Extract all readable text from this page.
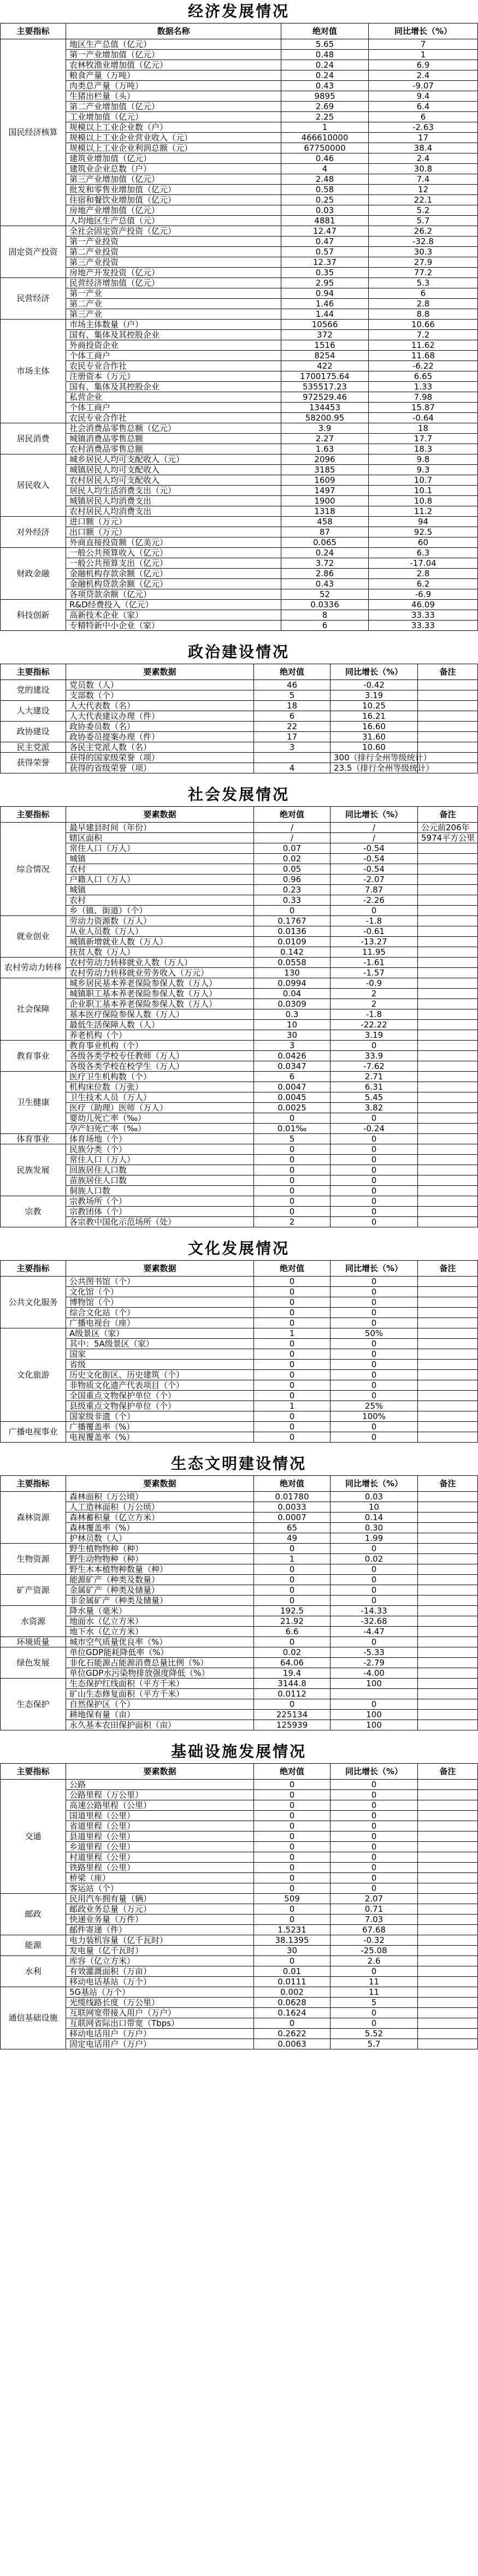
经济发展情况
主要指标	数据名称	绝对值	同比增长（%）
国民经济核算	地区生产总值（亿元）	5.65	7
	第一产业增加值（亿元）	0.48	1
	农林牧渔业增加值（亿元）	0.24	6.9
	粮食产量（万吨）	0.24	2.4
	肉类总产量（万吨）	0.43	-9.07
	生猪出栏量（头）	9895	9.4
	第二产业增加值（亿元）	2.69	6.4
	工业增加值（亿元）	2.25	6
	规模以上工业企业数（户）	1	-2.63
	规模以上工业企业营业收入（元）	466610000	17
	规模以上工业企业利润总额（元）	67750000	38.4
	建筑业增加值（亿元）	0.46	2.4
	建筑业企业总数（户）	4	30.8
	第三产业增加值（亿元）	2.48	7.4
	批发和零售业增加值（亿元）	0.58	12
	住宿和餐饮业增加值（亿元）	0.25	22.1
	房地产业增加值（亿元）	0.03	5.2
	人均地区生产总值（元）	4881	5.7
固定资产投资	全社会固定资产投资（亿元）	12.47	26.2
	第一产业投资	0.47	-32.8
	第二产业投资	0.57	30.3
	第三产业投资	12.37	27.9
	房地产开发投资（亿元）	0.35	77.2
民营经济	民营经济增加值（亿元）	2.95	5.3
	第一产业	0.94	6
	第二产业	1.46	2.8
	第三产业	1.44	8.8
市场主体	市场主体数量（户）	10566	10.66
	国有、集体及其控股企业	372	7.2
	外商投资企业	1516	11.62
	个体工商户	8254	11.68
	农民专业合作社	422	-6.22
	注册资本（万元）	1700175.64	6.65
	国有、集体及其控股企业	535517.23	1.33
	私营企业	972529.46	7.98
	个体工商户	134453	15.87
	农民专业合作社	58200.95	-0.64
居民消费	社会消费品零售总额（亿元）	3.9	18
	城镇消费品零售总额	2.27	17.7
	农村消费品零售总额	1.63	18.3
居民收入	城乡居民人均可支配收入（元）	2096	9.8
	城镇居民人均可支配收入	3185	9.3
	农村居民人均可支配收入	1609	10.7
	居民人均生活消费支出（元）	1497	10.1
	城镇居民人均消费支出	1900	10.8
	农村居民人均消费支出	1318	11.2
对外经济	进口额（万元）	458	94
	出口额（万元）	87	92.5
	外商直接投资额（亿美元）	0.065	60
财政金融	一般公共预算收入（亿元）	0.24	6.3
	一般公共预算支出（亿元）	3.72	-17.04
	金融机构存款余额（亿元）	2.86	2.8
	金融机构贷款余额（亿元）	0.43	6.2
	各项贷款余额（亿元）	52	-6.9
科技创新	R&D经费投入（亿元）	0.0336	46.09
	高新技术企业（家）	8	33.33
	专精特新中小企业（家）	6	33.33
政治建设情况
主要指标	要素数据	绝对值	同比增长（%）	备注
党的建设	党员数（人）	46	-0.42	
	支部数（个）	5	3.19	
人大建设	人大代表数（名）	18	10.25	
	人大代表建议办理（件）	6	16.21	
政协建设	政协委员数（名）	22	16.60	
	政协委员提案办理（件）	17	31.60	
民主党派	各民主党派人数（名）	3	10.60	
获得荣誉	获得的国家级荣誉（项）		300（排行全州等级统计）	
	获得的省级荣誉（项）	4	23.5（排行全州等级统计）	
社会发展情况
主要指标	要素数据	绝对值	同比增长（%）	备注
综合情况	最早建县时间（年份）	/	/	公元前206年
	辖区面积	/	/	5974平方公里
	常住人口（万人）	0.07	-0.54	
	城镇	0.02	-0.54	
	农村	0.05	-0.54	
	户籍人口（万人）	0.96	-2.07	
	城镇	0.23	7.87	
	农村	0.33	-2.26	
	乡（镇、街道）（个）	0	0	
就业创业	劳动力资源数（万人）	0.1767	-1.8	
	从业人员数（万人）	0.0136	-0.61	
	城镇新增就业人数（万人）	0.0109	-13.27	
	扶贫人数（万人）	0.142	11.95	
农村劳动力转移	农村劳动力转移就业人数（万人）	0.0558	-1.61	
	农村劳动力转移就业劳务收入（万元）	130	-1.57	
社会保障	城乡居民基本养老保险参保人数（万人）	0.0994	-0.9	
	城镇职工基本养老保险参保人数（万人）	0.04	2	
	企业职工基本养老保险参保人数（万人）	0.0309	2	
	基本医疗保险参保人数（万人）	0.3	-1.8	
	最低生活保障人数（人）	10	-22.22	
	养老机构（个）	30	3.19	
教育事业	教育事业机构（个）	3	0	
	各级各类学校专任教师（万人）	0.0426	33.9	
	各级各类学校在校学生（万人）	0.0347	-7.62	
卫生健康	医疗卫生机构数（个）	6	2.71	
	机构床位数（万张）	0.0047	6.31	
	卫生技术人员（万人）	0.0045	5.45	
	医疗（助理）医师（万人）	0.0025	3.82	
	婴幼儿死亡率（‰）	0	0	
	孕产妇死亡率（‰）	0.01‰	-0.24	
体育事业	体育场地（个）	5	0	
民族发展	民族分类（个）	0	0	
	常住人口（万人）	0	0	
	回族居住人口数	0	0	
	苗族居住人口数	0	0	
	侗族人口数	0	0	
宗教	宗教场所（个）	0	0	
	宗教团体（个）	0	0	
	各宗教中国化示范场所（处）	2	0	
文化发展情况
主要指标	要素数据	绝对值	同比增长（%）	备注
公共文化服务	公共图书馆（个）	0	0	
	文化馆（个）	0	0	
	博物馆（个）	0	0	
	综合文化站（个）	0	0	
	广播电视台（座）	0	0	
文化旅游	A级景区（家）	1	50%	
	其中：5A级景区（家）	0	0	
	国家	0	0	
	省级	0	0	
	历史文化街区、历史建筑（个）	0	0	
	非物质文化遗产代表项目（个）	0	0	
	全国重点文物保护单位（个）	0	0	
	县级重点文物保护单位（个）	1	25%	
	国家级非遗（个）	0	100%	
广播电视事业	广播覆盖率（%）	0	0	
	电视覆盖率（%）	0	0	
生态文明建设情况
主要指标	要素数据	绝对值	同比增长（%）	备注
森林资源	森林面积（万公顷）	0.01780	0.03	
	人工造林面积（万公顷）	0.0033	10	
	森林蓄积量（亿立方米）	0.0007	0.14	
	森林覆盖率（%）	65	0.30	
	护林员数（人）	49	1.99	
生物资源	野生植物物种（种）	0	0	
	野生动物物种（种）	1	0.02	
	野生木本植物种数量（种）	0	0	
矿产资源	能源矿产（种类及数量）	0	0	
	金属矿产（种类及储量）	0	0	
	非金属矿产（种类及储量）	0	0	
水资源	降水量（毫米）	192.5	-14.33	
	地面水（亿立方米）	21.92	-32.68	
	地下水（亿立方米）	6.6	-4.47	
环境质量	城市空气质量优良率（%）	0	0	
绿色发展	单位GDP能耗降低率（%）	0.02	-5.33	
	非化石能源占能源消费总量比例（%）	64.06	-2.79	
	单位GDP水污染物排放强度降低（%）	19.4	-4.00	
生态保护	生态保护红线面积（平方千米）	3144.8	100	
	矿山生态修复面积（平方千米）	0.0112		
	自然保护区（个）	0	0	
	耕地保有量（亩）	225134	100	
	永久基本农田保护面积（亩）	125939	100	
基础设施发展情况
主要指标	要素数据	绝对值	同比增长（%）	备注
交通	公路	0	0	
	公路里程（万公里）	0	0	
	高速公路里程（公里）	0	0	
	国道里程（公里）	0	0	
	省道里程（公里）	0	0	
	县道里程（公里）	0	0	
	乡道里程（公里）	0	0	
	村道里程（公里）	0	0	
	铁路里程（公里）	0	0	
	桥梁（座）	0	0	
	客运站（个）	0	0	
邮政	民用汽车拥有量（辆）	509	2.07	
	邮政业务总量（万元）	0	0.71	
	快递业务量（万件）	0	7.03	
	邮件寄递（件）	1.5231	67.68	
能源	电力装机容量（亿千瓦时）	38.1395	-0.32	
	发电量（亿千瓦时）	30	-25.08	
水利	库容（亿立方米）	0	2.6	
	有效灌溉面积（万亩）	0.01	0	
	移动电话基站（万个）	0.0111	11	
通信基础设施	5G基站（万个）	0.002	11	
	光缆线路长度（万公里）	0.0628	5	
	互联网宽带接入用户（万户）	0.1624	0	
	互联网省际出口带宽（Tbps）	0	0	
	移动电话用户（万户）	0.2622	5.52	
	固定电话用户（万户）	0.0063	5.7	
